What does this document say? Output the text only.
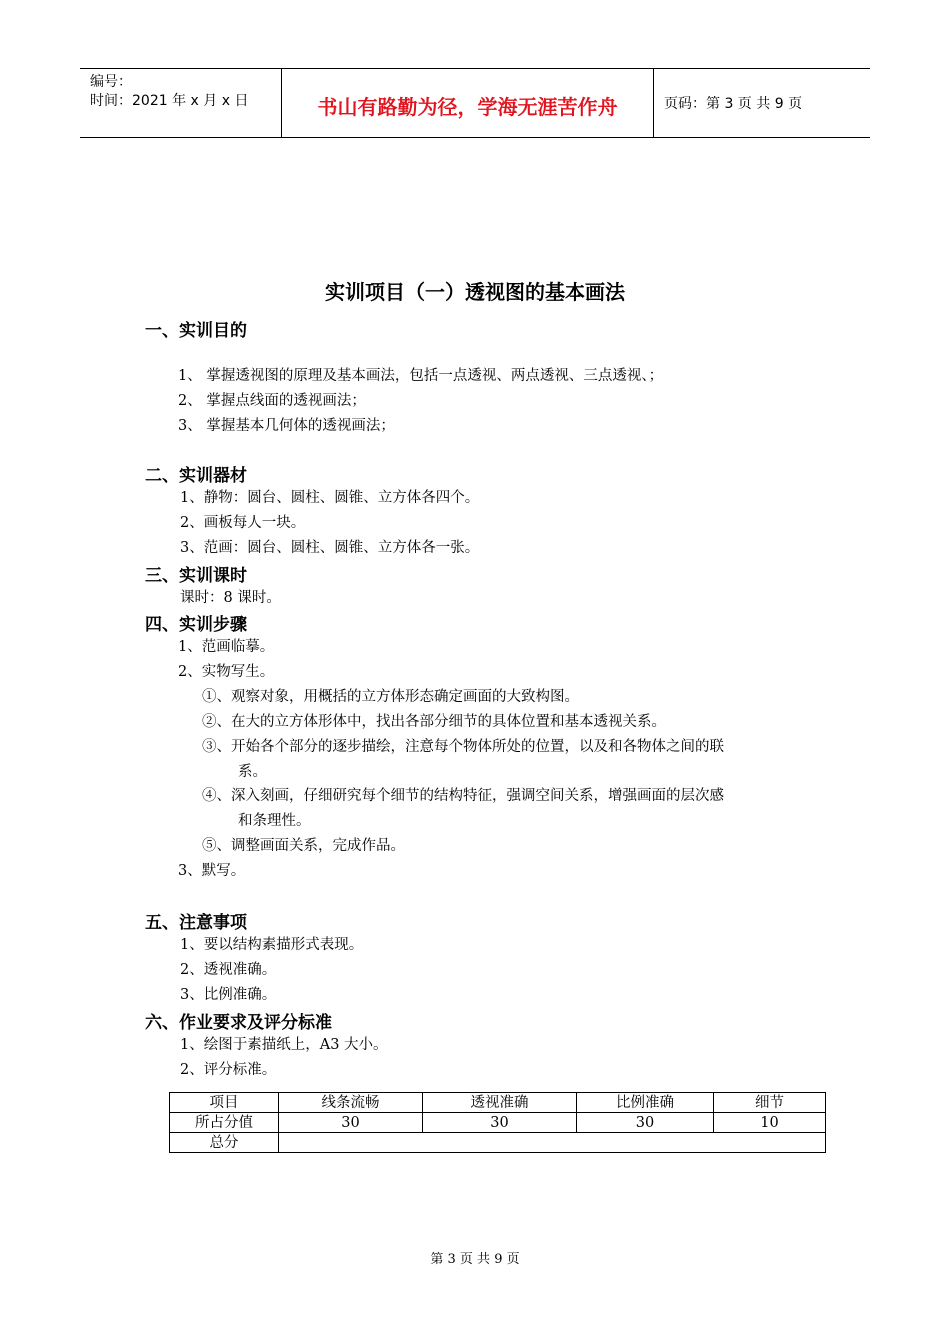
编号：
时间：2021 年 x 月 x 日	书山有路勤为径，学海无涯苦作舟	页码：第 3 页 共 9 页
实训项目（一）透视图的基本画法
一、实训目的
1、 掌握透视图的原理及基本画法，包括一点透视、两点透视、三点透视、；
2、 掌握点线面的透视画法；
3、 掌握基本几何体的透视画法；
二、实训器材
1、静物：圆台、圆柱、圆锥、立方体各四个。
2、画板每人一块。
3、范画：圆台、圆柱、圆锥、立方体各一张。
三、实训课时
课时：8 课时。
四、实训步骤
1、范画临摹。
2、实物写生。
①、观察对象，用概括的立方体形态确定画面的大致构图。
②、在大的立方体形体中，找出各部分细节的具体位置和基本透视关系。
③、开始各个部分的逐步描绘，注意每个物体所处的位置，以及和各物体之间的联
系。
④、深入刻画，仔细研究每个细节的结构特征，强调空间关系，增强画面的层次感
和条理性。
⑤、调整画面关系，完成作品。
3、默写。
五、注意事项
1、要以结构素描形式表现。
2、透视准确。
3、比例准确。
六、作业要求及评分标准
1、绘图于素描纸上，A3 大小。
2、评分标准。
项目	线条流畅	透视准确	比例准确	细节
所占分值	30	30	30	10
总分				
第 3 页 共 9 页
